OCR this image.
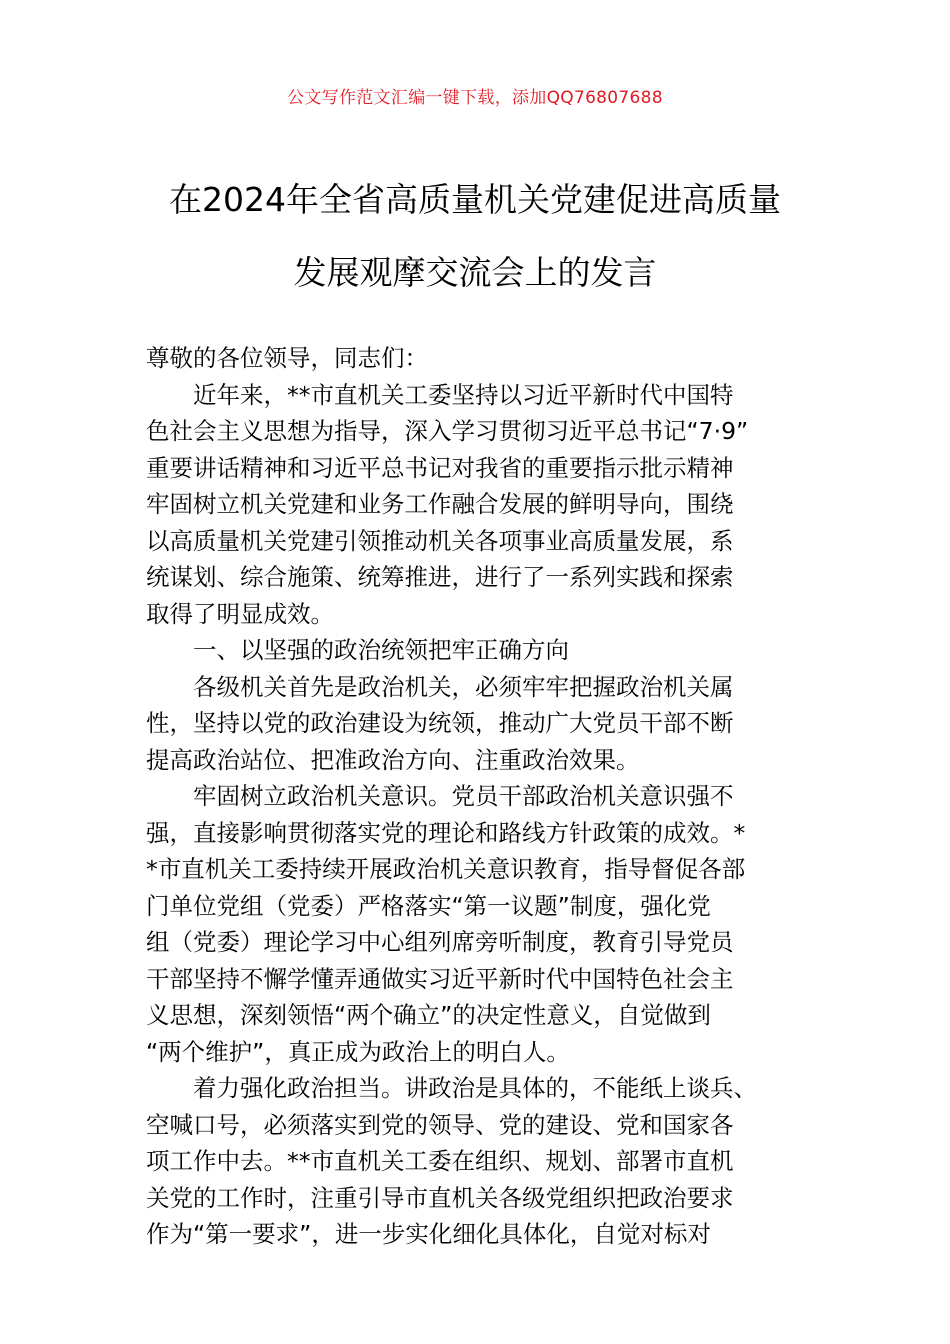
公文写作范文汇编一键下载，添加QQ76807688
在2024年全省高质量机关党建促进高质量
发展观摩交流会上的发言
尊敬的各位领导，同志们：
近年来，**市直机关工委坚持以习近平新时代中国特
色社会主义思想为指导，深入学习贯彻习近平总书记“7·9”
重要讲话精神和习近平总书记对我省的重要指示批示精神
牢固树立机关党建和业务工作融合发展的鲜明导向，围绕
以高质量机关党建引领推动机关各项事业高质量发展，系
统谋划、综合施策、统筹推进，进行了一系列实践和探索
取得了明显成效。
一、以坚强的政治统领把牢正确方向
各级机关首先是政治机关，必须牢牢把握政治机关属
性，坚持以党的政治建设为统领，推动广大党员干部不断
提高政治站位、把准政治方向、注重政治效果。
牢固树立政治机关意识。党员干部政治机关意识强不
强，直接影响贯彻落实党的理论和路线方针政策的成效。*
*市直机关工委持续开展政治机关意识教育，指导督促各部
门单位党组（党委）严格落实“第一议题”制度，强化党
组（党委）理论学习中心组列席旁听制度，教育引导党员
干部坚持不懈学懂弄通做实习近平新时代中国特色社会主
义思想，深刻领悟“两个确立”的决定性意义，自觉做到
“两个维护”，真正成为政治上的明白人。
着力强化政治担当。讲政治是具体的，不能纸上谈兵、
空喊口号，必须落实到党的领导、党的建设、党和国家各
项工作中去。**市直机关工委在组织、规划、部署市直机
关党的工作时，注重引导市直机关各级党组织把政治要求
作为“第一要求”，进一步实化细化具体化，自觉对标对
